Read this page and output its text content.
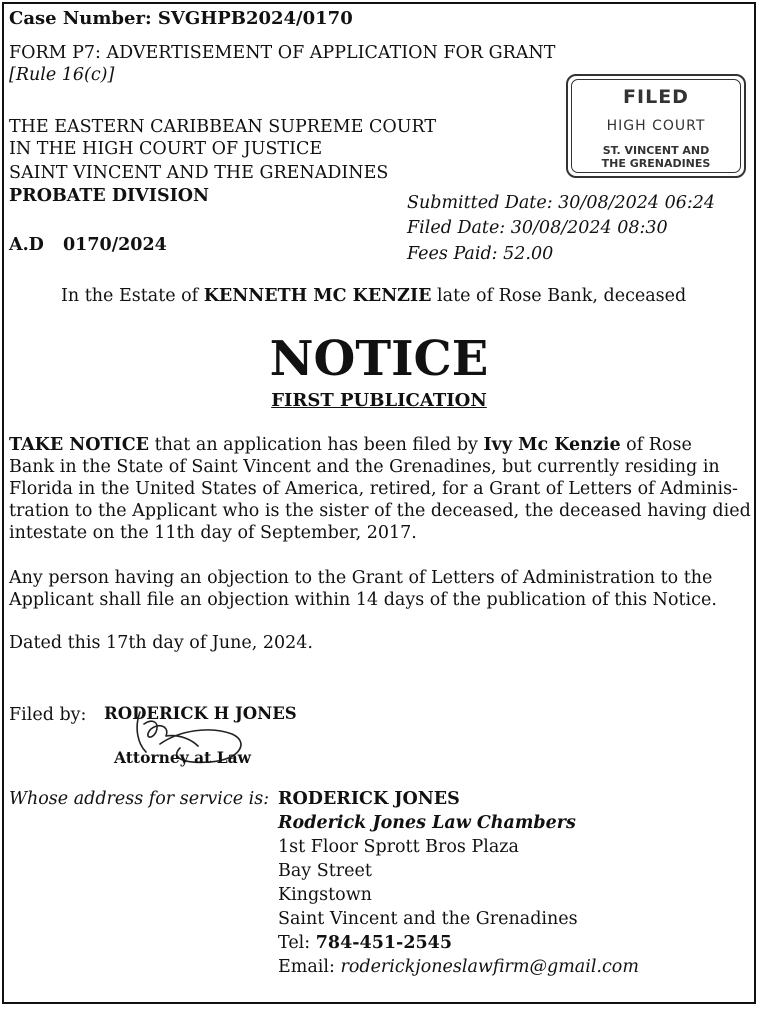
Case Number: SVGHPB2024/0170
FORM P7: ADVERTISEMENT OF APPLICATION FOR GRANT
[Rule 16(c)]
THE EASTERN CARIBBEAN SUPREME COURT
IN THE HIGH COURT OF JUSTICE
SAINT VINCENT AND THE GRENADINES
PROBATE DIVISION
A.D 0170/2024
FILED
HIGH COURT
ST. VINCENT AND
THE GRENADINES
Submitted Date: 30/08/2024 06:24
Filed Date: 30/08/2024 08:30
Fees Paid: 52.00
In the Estate of KENNETH MC KENZIE late of Rose Bank, deceased
NOTICE
FIRST PUBLICATION
TAKE NOTICE that an application has been filed by Ivy Mc Kenzie of Rose
Bank in the State of Saint Vincent and the Grenadines, but currently residing in
Florida in the United States of America, retired, for a Grant of Letters of Adminis-
tration to the Applicant who is the sister of the deceased, the deceased having died
intestate on the 11th day of September, 2017.
Any person having an objection to the Grant of Letters of Administration to the
Applicant shall file an objection within 14 days of the publication of this Notice.
Dated this 17th day of June, 2024.
Filed by: RODERICK H JONES
Attorney at Law
Whose address for service is: RODERICK JONES
Roderick Jones Law Chambers
1st Floor Sprott Bros Plaza
Bay Street
Kingstown
Saint Vincent and the Grenadines
Tel: 784-451-2545
Email: roderickjoneslawfirm@gmail.com
